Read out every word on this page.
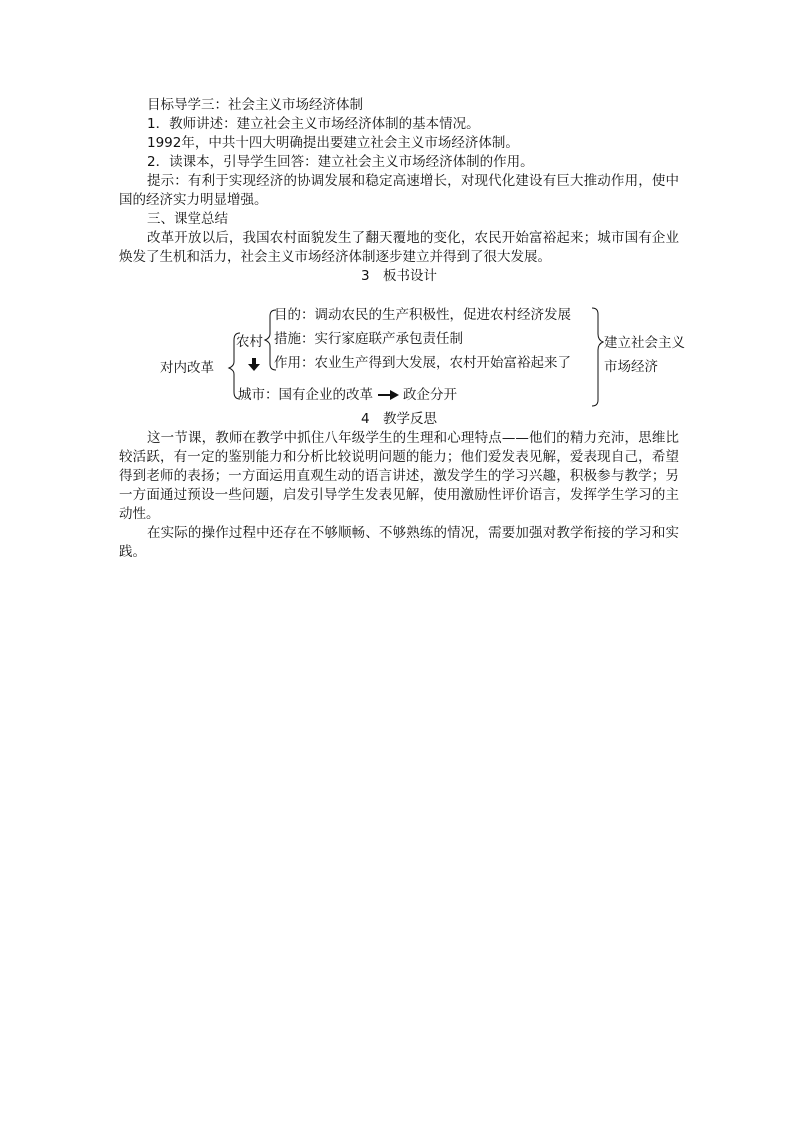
目标导学三：社会主义市场经济体制

1．教师讲述：建立社会主义市场经济体制的基本情况。

1992年，中共十四大明确提出要建立社会主义市场经济体制。

2．读课本，引导学生回答：建立社会主义市场经济体制的作用。

提示：有利于实现经济的协调发展和稳定高速增长，对现代化建设有巨大推动作用，使中国的经济实力明显增强。

三、课堂总结

改革开放以后，我国农村面貌发生了翻天覆地的变化，农民开始富裕起来；城市国有企业焕发了生机和活力，社会主义市场经济体制逐步建立并得到了很大发展。

3　板书设计

对内改革
农村
目的：调动农民的生产积极性，促进农村经济发展
措施：实行家庭联产承包责任制
作用：农业生产得到大发展，农村开始富裕起来了
城市：国有企业的改革 政企分开
建立社会主义
市场经济

4　教学反思

这一节课，教师在教学中抓住八年级学生的生理和心理特点——他们的精力充沛，思维比较活跃，有一定的鉴别能力和分析比较说明问题的能力；他们爱发表见解，爱表现自己，希望得到老师的表扬；一方面运用直观生动的语言讲述，激发学生的学习兴趣，积极参与教学；另一方面通过预设一些问题，启发引导学生发表见解，使用激励性评价语言，发挥学生学习的主动性。

在实际的操作过程中还存在不够顺畅、不够熟练的情况，需要加强对教学衔接的学习和实践。
